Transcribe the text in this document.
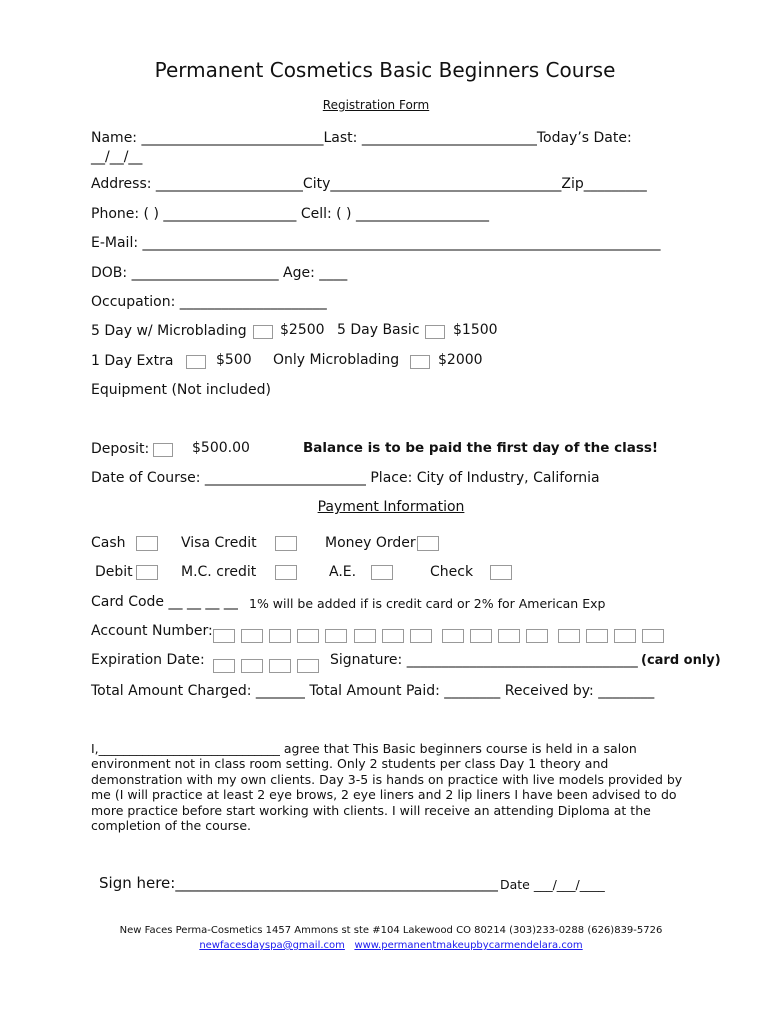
Permanent Cosmetics Basic Beginners Course
Registration Form
Name: __________________________Last: _________________________Today’s Date:
__/__/__
Address: _____________________City_________________________________Zip_________
Phone: ( ) ___________________ Cell: ( ) ___________________
E-Mail: __________________________________________________________________________
DOB: _____________________ Age: ____
Occupation: _____________________
5 Day w/ Microblading $2500 5 Day Basic $1500
1 Day Extra	$500 Only Microblading	$2000
Equipment (Not included)
Deposit:	$500.00	Balance is to be paid the first day of the class!
Date of Course: _______________________ Place: City of Industry, California
Payment Information
Cash	Visa Credit	Money Order
Debit	M.C. credit	A.E.	Check
Card Code __ __ __ __ 1% will be added if is credit card or 2% for American Exp
Account Number:
Expiration Date:	Signature: _________________________________ (card only)
Total Amount Charged: _______ Total Amount Paid: ________ Received by: ________
I,_____________________________ agree that This Basic beginners course is held in a salon environment not in class room setting. Only 2 students per class Day 1 theory and demonstration with my own clients. Day 3-5 is hands on practice with live models provided by me (I will practice at least 2 eye brows, 2 eye liners and 2 lip liners I have been advised to do more practice before start working with clients. I will receive an attending Diploma at the completion of the course.
Sign here:___________________________________________ Date ___/___/____
New Faces Perma-Cosmetics 1457 Ammons st ste #104 Lakewood CO 80214 (303)233-0288 (626)839-5726
newfacesdayspa@gmail.com www.permanentmakeupbycarmendelara.com
